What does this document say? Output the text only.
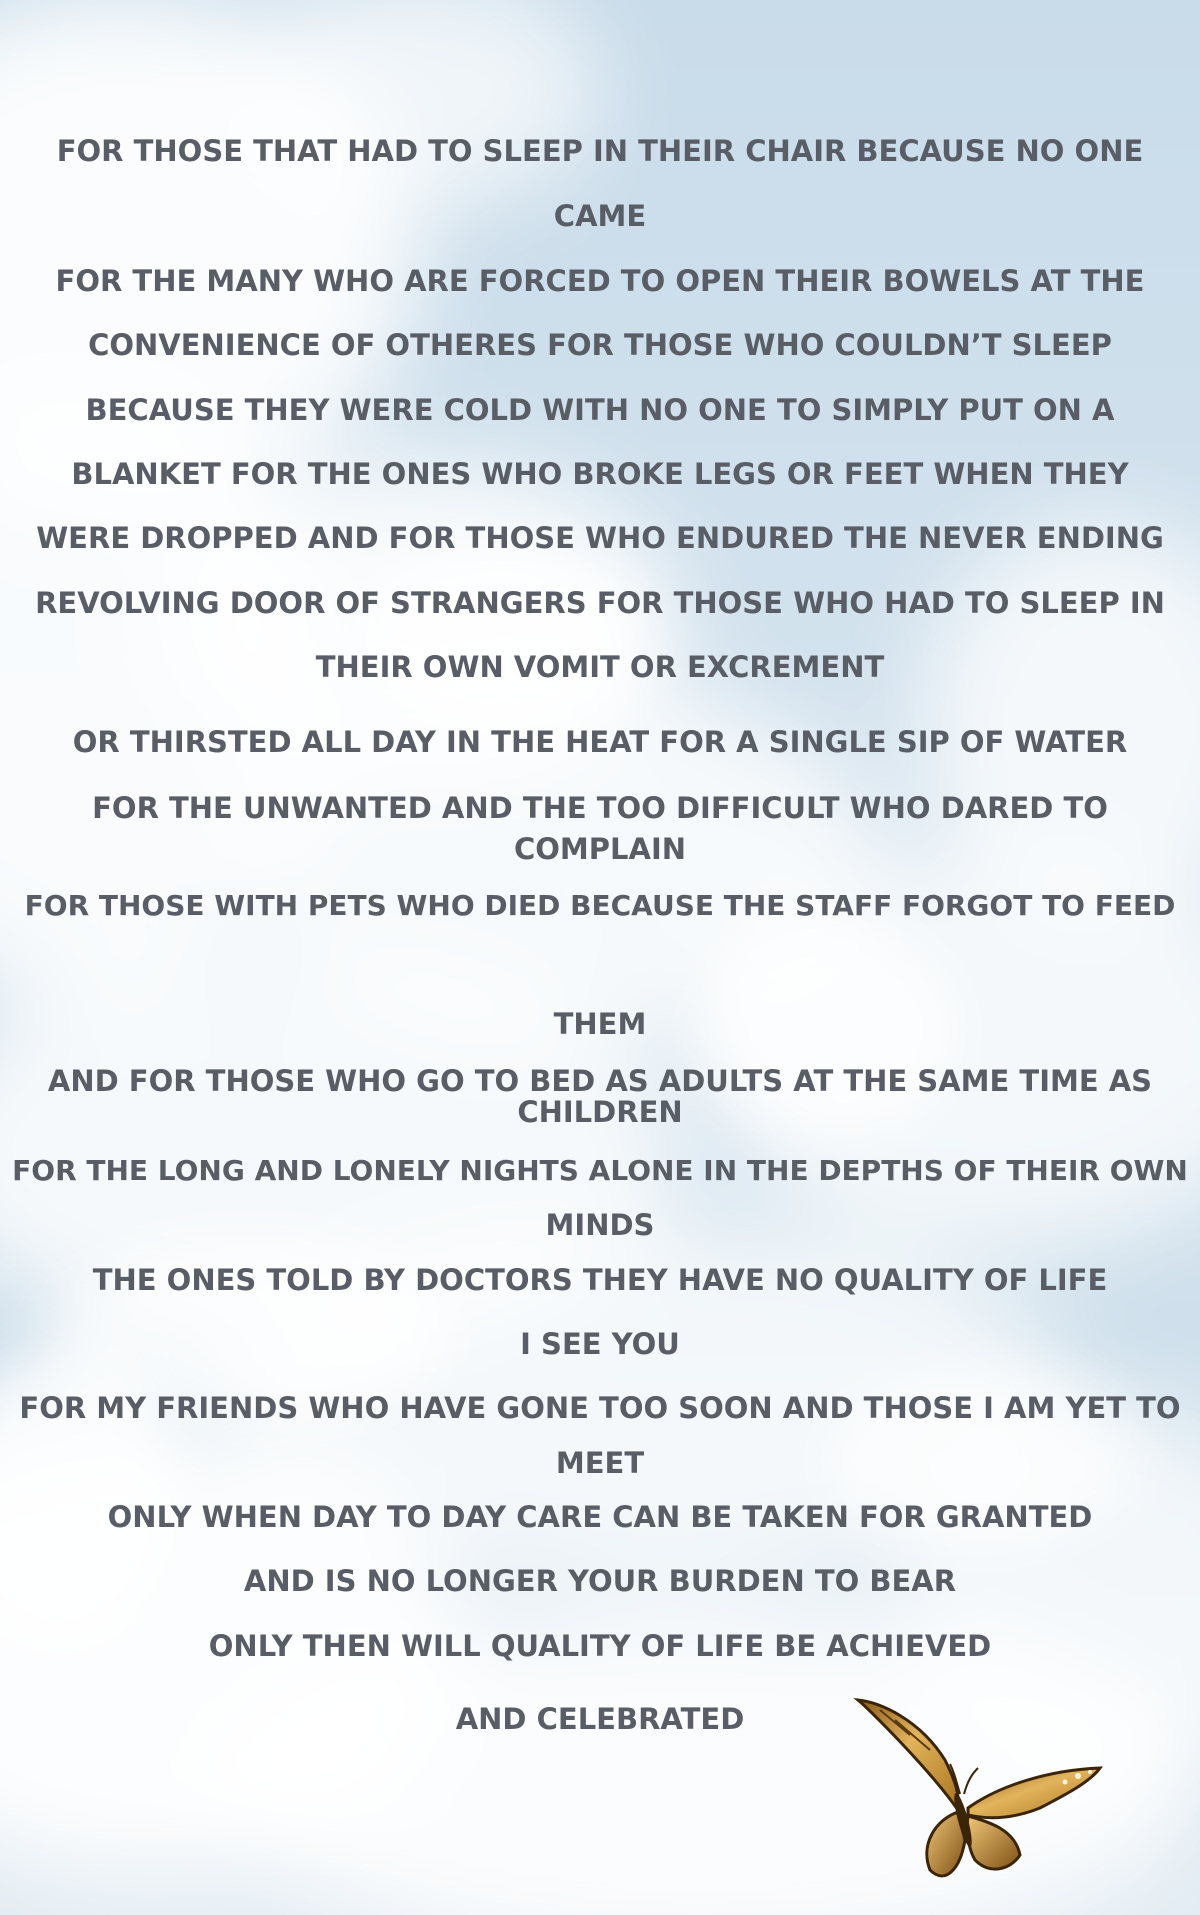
FOR THOSE THAT HAD TO SLEEP IN THEIR CHAIR BECAUSE NO ONE
CAME
FOR THE MANY WHO ARE FORCED TO OPEN THEIR BOWELS AT THE
CONVENIENCE OF OTHERES FOR THOSE WHO COULDN’T SLEEP
BECAUSE THEY WERE COLD WITH NO ONE TO SIMPLY PUT ON A
BLANKET FOR THE ONES WHO BROKE LEGS OR FEET WHEN THEY
WERE DROPPED AND FOR THOSE WHO ENDURED THE NEVER ENDING
REVOLVING DOOR OF STRANGERS FOR THOSE WHO HAD TO SLEEP IN
THEIR OWN VOMIT OR EXCREMENT
OR THIRSTED ALL DAY IN THE HEAT FOR A SINGLE SIP OF WATER
FOR THE UNWANTED AND THE TOO DIFFICULT WHO DARED TO
COMPLAIN
FOR THOSE WITH PETS WHO DIED BECAUSE THE STAFF FORGOT TO FEED
THEM
AND FOR THOSE WHO GO TO BED AS ADULTS AT THE SAME TIME AS
CHILDREN
FOR THE LONG AND LONELY NIGHTS ALONE IN THE DEPTHS OF THEIR OWN
MINDS
THE ONES TOLD BY DOCTORS THEY HAVE NO QUALITY OF LIFE
I SEE YOU
FOR MY FRIENDS WHO HAVE GONE TOO SOON AND THOSE I AM YET TO
MEET
ONLY WHEN DAY TO DAY CARE CAN BE TAKEN FOR GRANTED
AND IS NO LONGER YOUR BURDEN TO BEAR
ONLY THEN WILL QUALITY OF LIFE BE ACHIEVED
AND CELEBRATED
